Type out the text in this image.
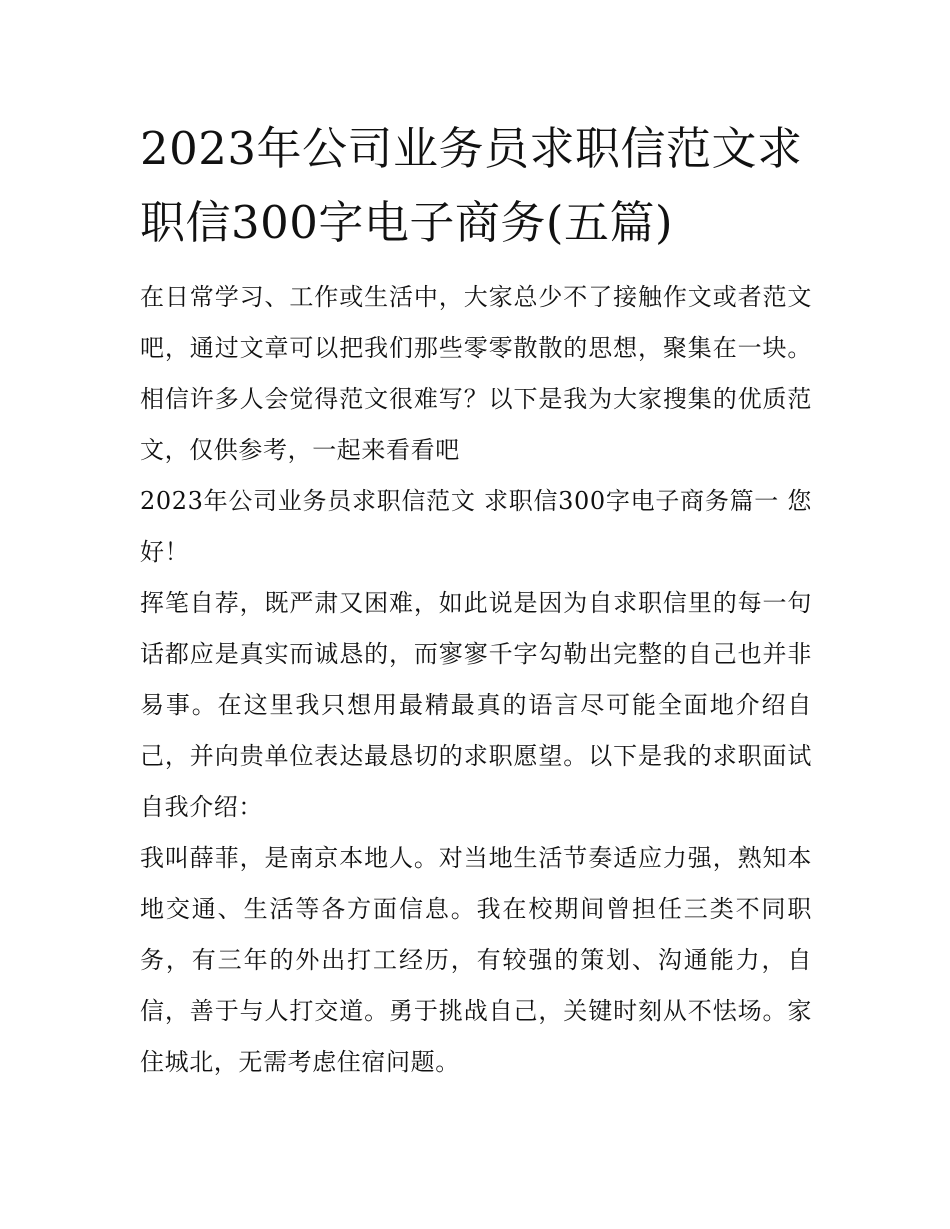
2023年公司业务员求职信范文求职信300字电子商务(五篇)

在日常学习、工作或生活中，大家总少不了接触作文或者范文吧，通过文章可以把我们那些零零散散的思想，聚集在一块。相信许多人会觉得范文很难写？以下是我为大家搜集的优质范文，仅供参考，一起来看看吧

2023年公司业务员求职信范文 求职信300字电子商务篇一 您好！

挥笔自荐，既严肃又困难，如此说是因为自求职信里的每一句话都应是真实而诚恳的，而寥寥千字勾勒出完整的自己也并非易事。在这里我只想用最精最真的语言尽可能全面地介绍自己，并向贵单位表达最恳切的求职愿望。以下是我的求职面试自我介绍：

我叫薛菲，是南京本地人。对当地生活节奏适应力强，熟知本地交通、生活等各方面信息。我在校期间曾担任三类不同职务，有三年的外出打工经历，有较强的策划、沟通能力，自信，善于与人打交道。勇于挑战自己，关键时刻从不怯场。家住城北，无需考虑住宿问题。
